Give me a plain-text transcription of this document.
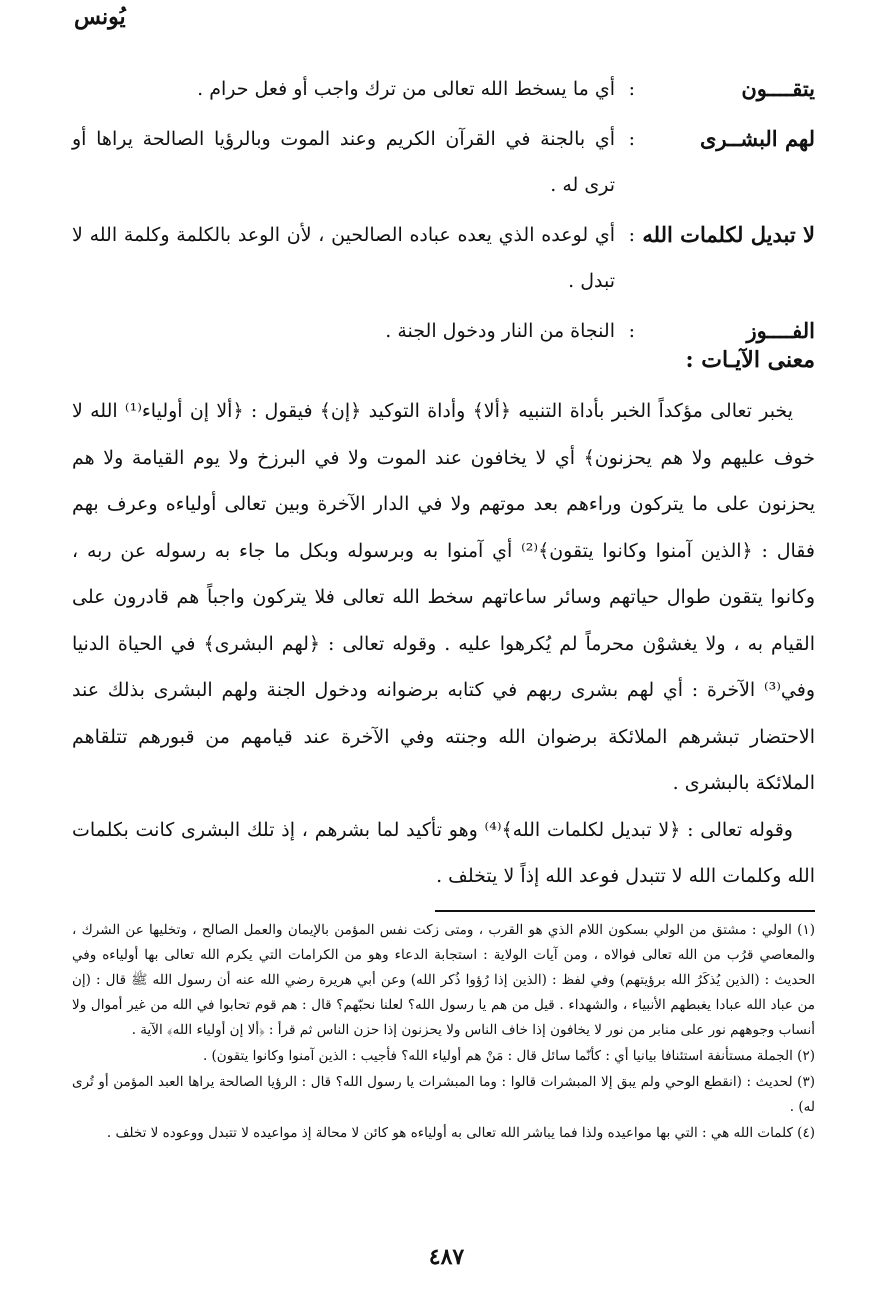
يُونس
يتقــــون
:
أي ما يسخط الله تعالى من ترك واجب أو فعل حرام .
لهم البشــرى
:
أي بالجنة في القرآن الكريم وعند الموت وبالرؤيا الصالحة يراها أو ترى له .
لا تبديل لكلمات الله
:
أي لوعده الذي يعده عباده الصالحين ، لأن الوعد بالكلمة وكلمة الله لا تبدل .
الفــــوز
:
النجاة من النار ودخول الجنة .
معنى الآيـات :

يخبر تعالى مؤكداً الخبر بأداة التنبيه ﴿ألا﴾ وأداة التوكيد ﴿إن﴾ فيقول : ﴿ألا إن أولياء⁽¹⁾ الله لا خوف عليهم ولا هم يحزنون﴾ أي لا يخافون عند الموت ولا في البرزخ ولا يوم القيامة ولا هم يحزنون على ما يتركون وراءهم بعد موتهم ولا في الدار الآخرة وبين تعالى أولياءه وعرف بهم فقال : ﴿الذين آمنوا وكانوا يتقون﴾⁽²⁾ أي آمنوا به وبرسوله وبكل ما جاء به رسوله عن ربه ، وكانوا يتقون طوال حياتهم وسائر ساعاتهم سخط الله تعالى فلا يتركون واجباً هم قادرون على القيام به ، ولا يغشوْن محرماً لم يُكرهوا عليه . وقوله تعالى : ﴿لهم البشرى﴾ في الحياة الدنيا وفي⁽³⁾ الآخرة : أي لهم بشرى ربهم في كتابه برضوانه ودخول الجنة ولهم البشرى بذلك عند الاحتضار تبشرهم الملائكة برضوان الله وجنته وفي الآخرة عند قيامهم من قبورهم تتلقاهم الملائكة بالبشرى .

وقوله تعالى : ﴿لا تبديل لكلمات الله﴾⁽⁴⁾ وهو تأكيد لما بشرهم ، إذ تلك البشرى كانت بكلمات الله وكلمات الله لا تتبدل فوعد الله إذاً لا يتخلف .

(١) الولي : مشتق من الولي بسكون اللام الذي هو القرب ، ومتى زكت نفس المؤمن بالإيمان والعمل الصالح ، وتخليها عن الشرك ، والمعاصي قرُب من الله تعالى فوالاه ، ومن آيات الولاية : استجابة الدعاء وهو من الكرامات التي يكرم الله تعالى بها أولياءه وفي الحديث : (الذين يُذكَرُ الله برؤيتهم) وفي لفظ : (الذين إذا رُؤوا ذُكر الله) وعن أبي هريرة رضي الله عنه أن رسول الله ﷺ قال : (إن من عباد الله عبادا يغبطهم الأنبياء ، والشهداء . قيل من هم يا رسول الله؟ لعلنا نحبّهم؟ قال : هم قوم تحابوا في الله من غير أموال ولا أنساب وجوههم نور على منابر من نور لا يخافون إذا خاف الناس ولا يحزنون إذا حزن الناس ثم قرأ : ﴿ألا إن أولياء الله﴾ الآية .

(٢) الجملة مستأنفة استئنافا بيانيا أي : كأنّما سائل قال : مَنْ هم أولياء الله؟ فأجيب : الذين آمنوا وكانوا يتقون) .

(٣) لحديث : (انقطع الوحي ولم يبق إلا المبشرات قالوا : وما المبشرات يا رسول الله؟ قال : الرؤيا الصالحة يراها العبد المؤمن أو تُرى له) .

(٤) كلمات الله هي : التي بها مواعيده ولذا فما يباشر الله تعالى به أولياءه هو كائن لا محالة إذ مواعيده لا تتبدل ووعوده لا تخلف .

٤٨٧
